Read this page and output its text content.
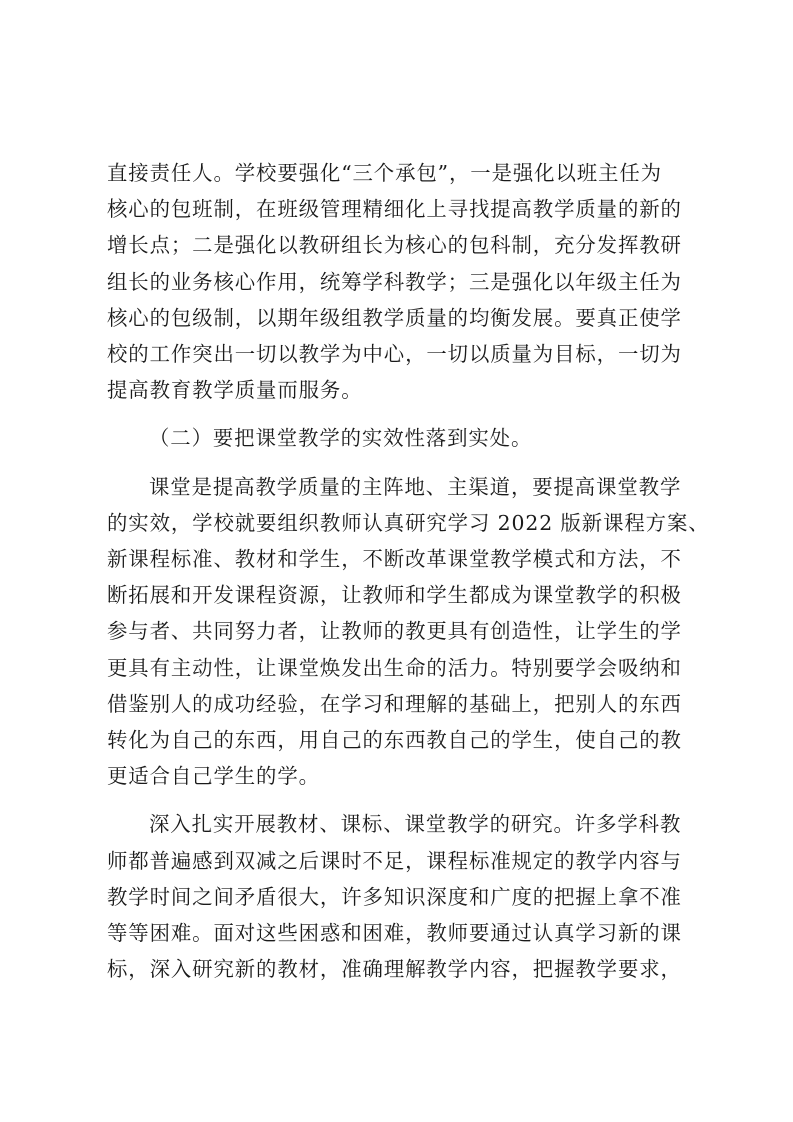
直接责任人。学校要强化“三个承包”，一是强化以班主任为
核心的包班制，在班级管理精细化上寻找提高教学质量的新的
增长点；二是强化以教研组长为核心的包科制，充分发挥教研
组长的业务核心作用，统筹学科教学；三是强化以年级主任为
核心的包级制，以期年级组教学质量的均衡发展。要真正使学
校的工作突出一切以教学为中心，一切以质量为目标，一切为
提高教育教学质量而服务。
（二）要把课堂教学的实效性落到实处。
课堂是提高教学质量的主阵地、主渠道，要提高课堂教学
的实效，学校就要组织教师认真研究学习 2022 版新课程方案、
新课程标准、教材和学生，不断改革课堂教学模式和方法，不
断拓展和开发课程资源，让教师和学生都成为课堂教学的积极
参与者、共同努力者，让教师的教更具有创造性，让学生的学
更具有主动性，让课堂焕发出生命的活力。特别要学会吸纳和
借鉴别人的成功经验，在学习和理解的基础上，把别人的东西
转化为自己的东西，用自己的东西教自己的学生，使自己的教
更适合自己学生的学。
深入扎实开展教材、课标、课堂教学的研究。许多学科教
师都普遍感到双减之后课时不足，课程标准规定的教学内容与
教学时间之间矛盾很大，许多知识深度和广度的把握上拿不准
等等困难。面对这些困惑和困难，教师要通过认真学习新的课
标，深入研究新的教材，准确理解教学内容，把握教学要求，
